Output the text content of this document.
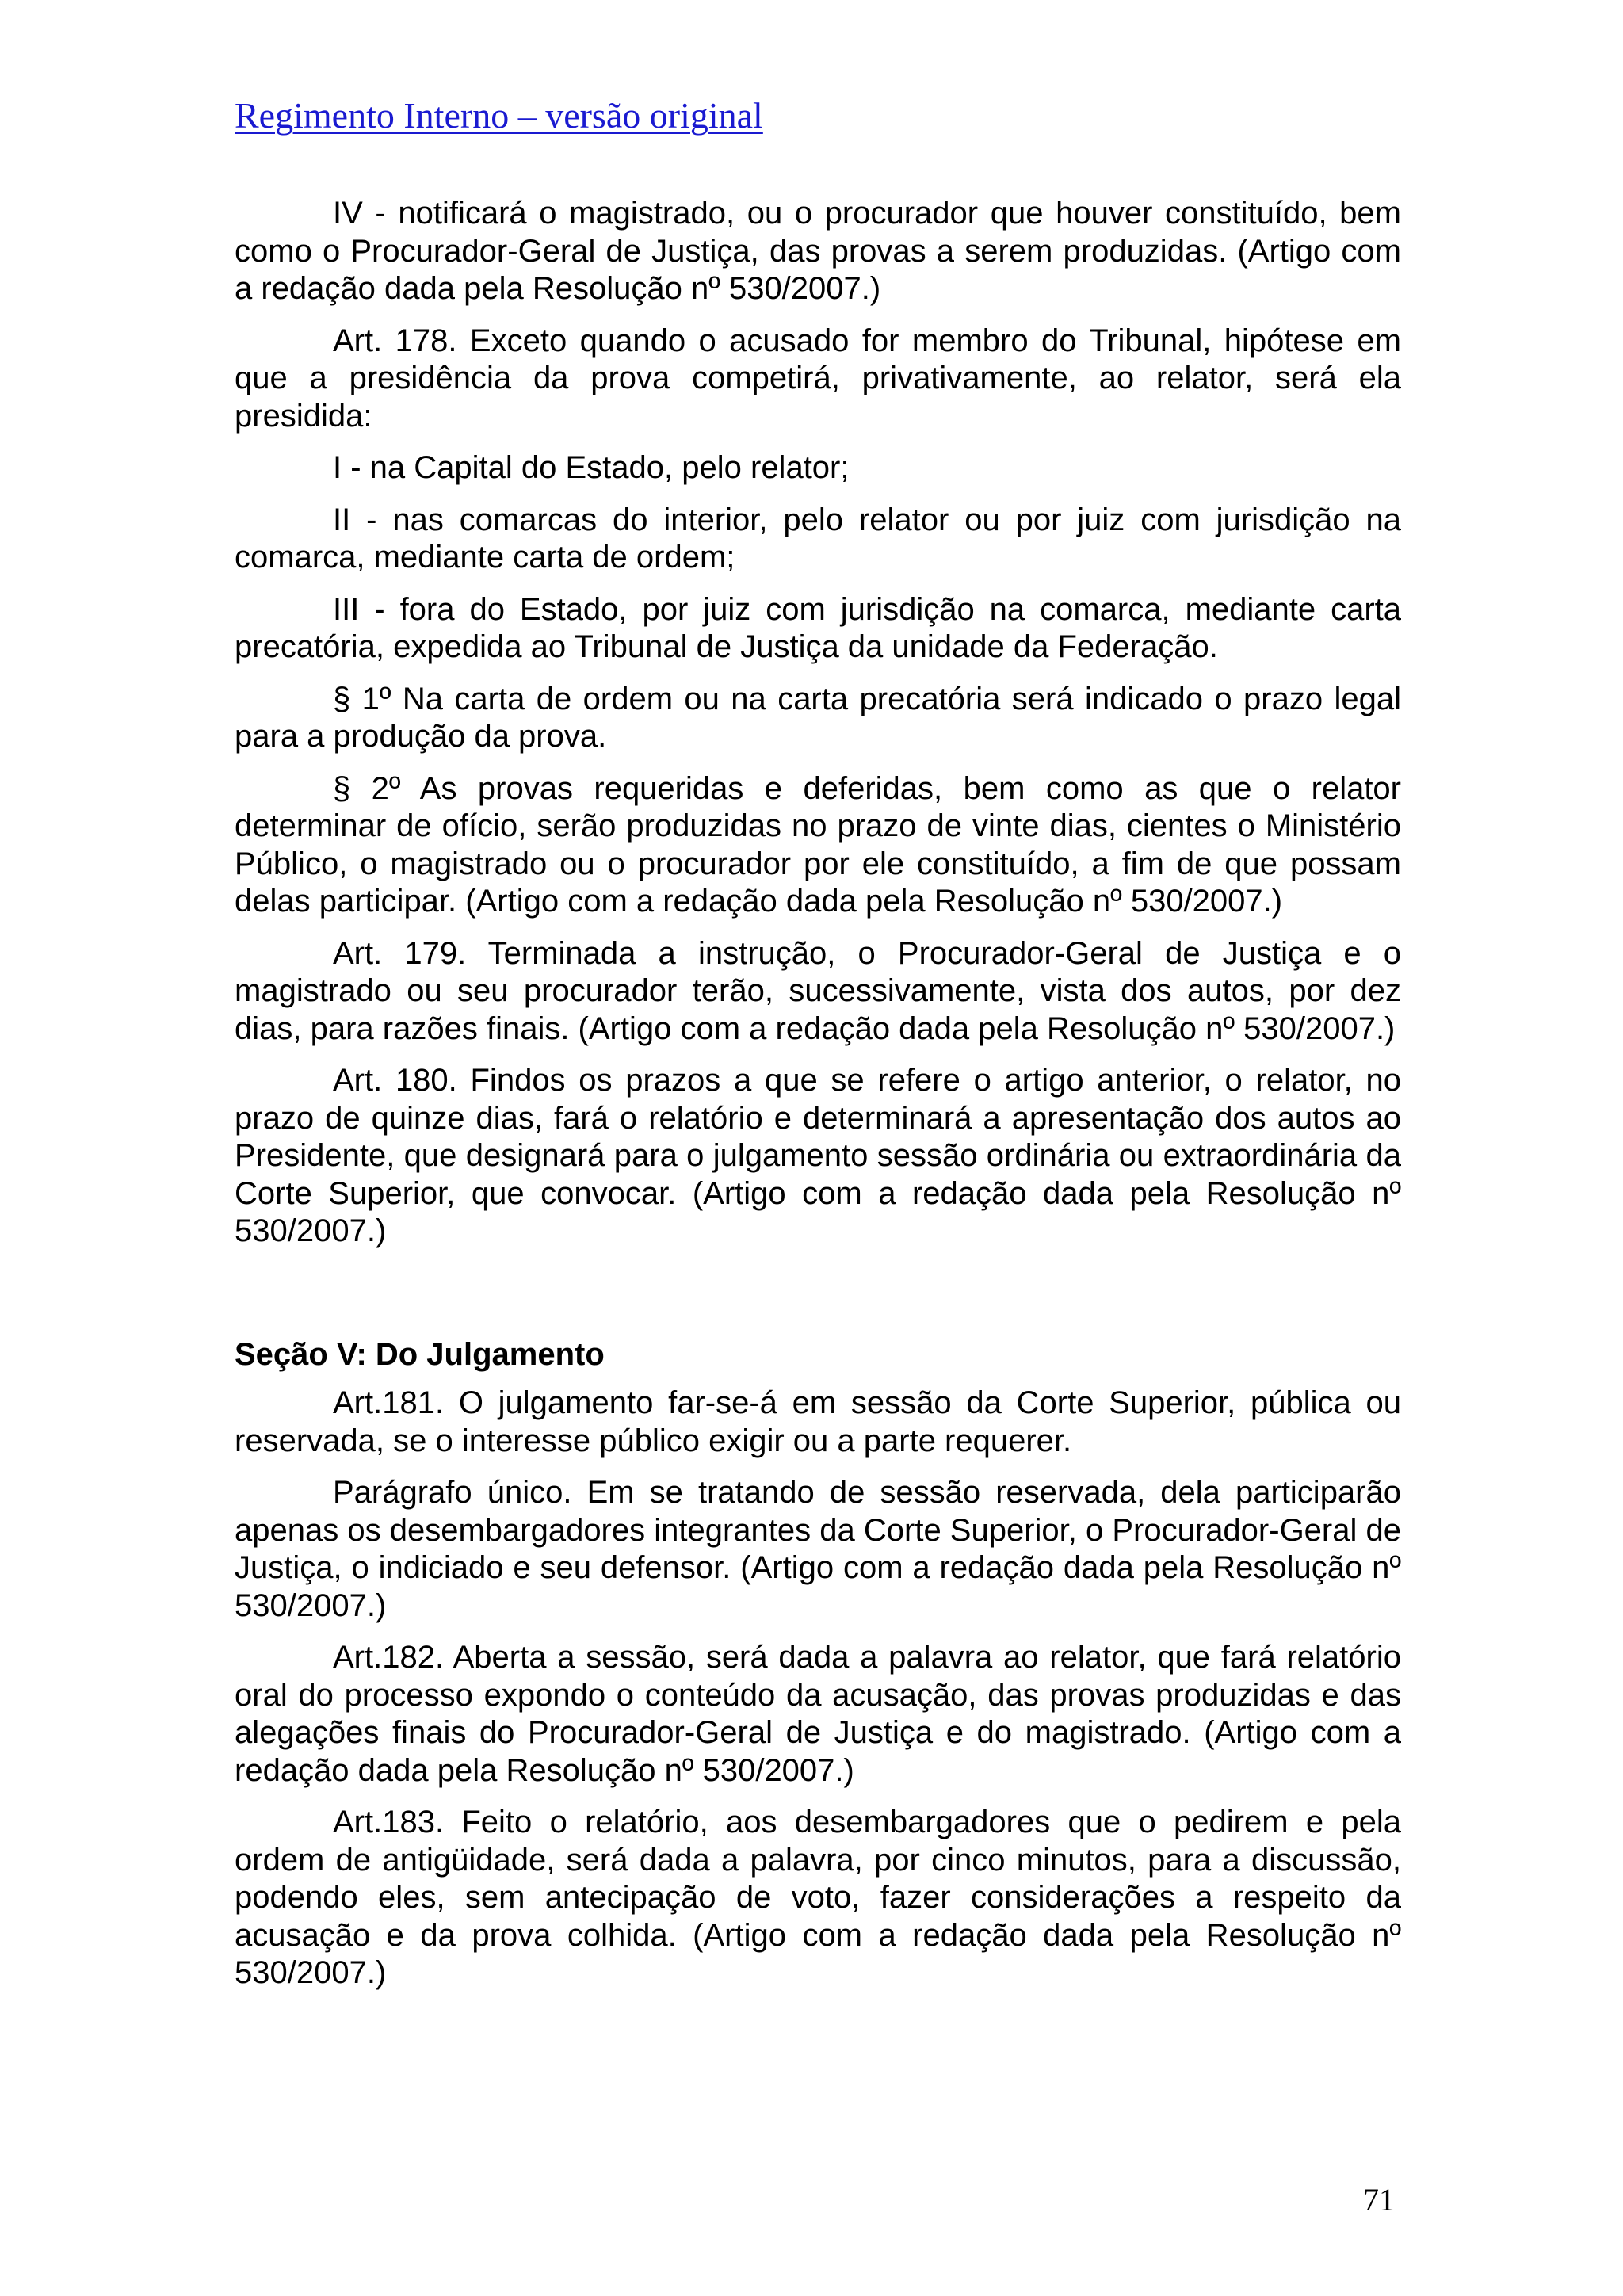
Regimento Interno – versão original

IV - notificará o magistrado, ou o procurador que houver constituído, bem como o Procurador-Geral de Justiça, das provas a serem produzidas. (Artigo com a redação dada pela Resolução nº 530/2007.)

Art. 178. Exceto quando o acusado for membro do Tribunal, hipótese em que a presidência da prova competirá, privativamente, ao relator, será ela presidida:

I - na Capital do Estado, pelo relator;

II - nas comarcas do interior, pelo relator ou por juiz com jurisdição na comarca, mediante carta de ordem;

III - fora do Estado, por juiz com jurisdição na comarca, mediante carta precatória, expedida ao Tribunal de Justiça da unidade da Federação.

§ 1º Na carta de ordem ou na carta precatória será indicado o prazo legal para a produção da prova.

§ 2º As provas requeridas e deferidas, bem como as que o relator determinar de ofício, serão produzidas no prazo de vinte dias, cientes o Ministério Público, o magistrado ou o procurador por ele constituído, a fim de que possam delas participar. (Artigo com a redação dada pela Resolução nº 530/2007.)

Art. 179. Terminada a instrução, o Procurador-Geral de Justiça e o magistrado ou seu procurador terão, sucessivamente, vista dos autos, por dez dias, para razões finais. (Artigo com a redação dada pela Resolução nº 530/2007.)

Art. 180. Findos os prazos a que se refere o artigo anterior, o relator, no prazo de quinze dias, fará o relatório e determinará a apresentação dos autos ao Presidente, que designará para o julgamento sessão ordinária ou extraordinária da Corte Superior, que convocar. (Artigo com a redação dada pela Resolução nº 530/2007.)

Seção V: Do Julgamento

Art.181. O julgamento far-se-á em sessão da Corte Superior, pública ou reservada, se o interesse público exigir ou a parte requerer.

Parágrafo único. Em se tratando de sessão reservada, dela participarão apenas os desembargadores integrantes da Corte Superior, o Procurador-Geral de Justiça, o indiciado e seu defensor. (Artigo com a redação dada pela Resolução nº 530/2007.)

Art.182. Aberta a sessão, será dada a palavra ao relator, que fará relatório oral do processo expondo o conteúdo da acusação, das provas produzidas e das alegações finais do Procurador-Geral de Justiça e do magistrado. (Artigo com a redação dada pela Resolução nº 530/2007.)

Art.183. Feito o relatório, aos desembargadores que o pedirem e pela ordem de antigüidade, será dada a palavra, por cinco minutos, para a discussão, podendo eles, sem antecipação de voto, fazer considerações a respeito da acusação e da prova colhida. (Artigo com a redação dada pela Resolução nº 530/2007.)

71
